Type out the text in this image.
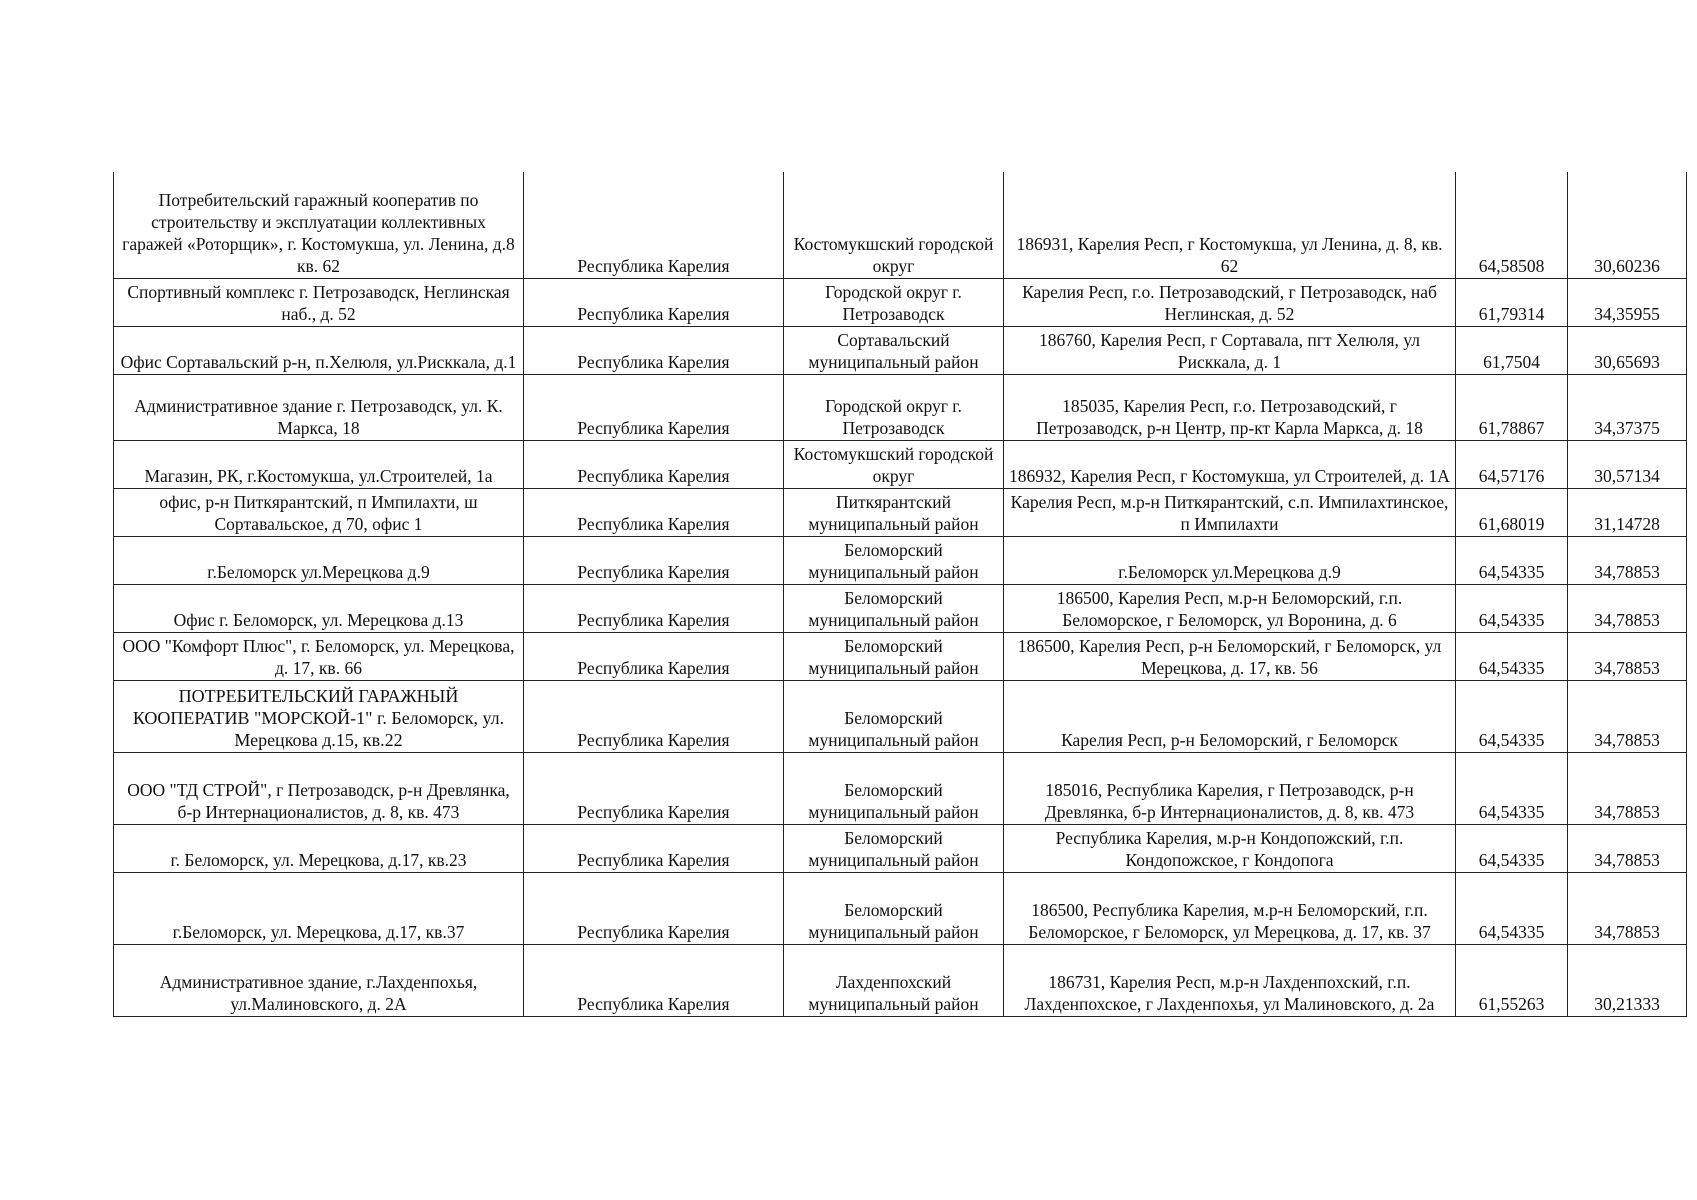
Потребительский гаражный кооператив по строительству и эксплуатации коллективных гаражей «Роторщик», г. Костомукша, ул. Ленина, д.8 кв. 62	Республика Карелия	Костомукшский городской округ	186931, Карелия Респ, г Костомукша, ул Ленина, д. 8, кв. 62	64,58508	30,60236
Спортивный комплекс г. Петрозаводск, Неглинская наб., д. 52	Республика Карелия	Городской округ г. Петрозаводск	Карелия Респ, г.о. Петрозаводский, г Петрозаводск, наб Неглинская, д. 52	61,79314	34,35955
Офис Сортавальский р-н, п.Хелюля, ул.Рисккала, д.1	Республика Карелия	Сортавальский муниципальный район	186760, Карелия Респ, г Сортавала, пгт Хелюля, ул Рисккала, д. 1	61,7504	30,65693
Административное здание г. Петрозаводск, ул. К. Маркса, 18	Республика Карелия	Городской округ г. Петрозаводск	185035, Карелия Респ, г.о. Петрозаводский, г Петрозаводск, р-н Центр, пр-кт Карла Маркса, д. 18	61,78867	34,37375
Магазин, РК, г.Костомукша, ул.Строителей, 1а	Республика Карелия	Костомукшский городской округ	186932, Карелия Респ, г Костомукша, ул Строителей, д. 1А	64,57176	30,57134
офис, р-н Питкярантский, п Импилахти, ш Сортавальское, д 70, офис 1	Республика Карелия	Питкярантский муниципальный район	Карелия Респ, м.р-н Питкярантский, с.п. Импилахтинское, п Импилахти	61,68019	31,14728
г.Беломорск ул.Мерецкова д.9	Республика Карелия	Беломорский муниципальный район	г.Беломорск ул.Мерецкова д.9	64,54335	34,78853
Офис г. Беломорск, ул. Мерецкова д.13	Республика Карелия	Беломорский муниципальный район	186500, Карелия Респ, м.р-н Беломорский, г.п. Беломорское, г Беломорск, ул Воронина, д. 6	64,54335	34,78853
ООО "Комфорт Плюс", г. Беломорск, ул. Мерецкова, д. 17, кв. 66	Республика Карелия	Беломорский муниципальный район	186500, Карелия Респ, р-н Беломорский, г Беломорск, ул Мерецкова, д. 17, кв. 56	64,54335	34,78853
ПОТРЕБИТЕЛЬСКИЙ ГАРАЖНЫЙ КООПЕРАТИВ "МОРСКОЙ-1" г. Беломорск, ул. Мерецкова д.15, кв.22	Республика Карелия	Беломорский муниципальный район	Карелия Респ, р-н Беломорский, г Беломорск	64,54335	34,78853
ООО "ТД СТРОЙ", г Петрозаводск, р-н Древлянка, б-р Интернационалистов, д. 8, кв. 473	Республика Карелия	Беломорский муниципальный район	185016, Республика Карелия, г Петрозаводск, р-н Древлянка, б-р Интернационалистов, д. 8, кв. 473	64,54335	34,78853
г. Беломорск, ул. Мерецкова, д.17, кв.23	Республика Карелия	Беломорский муниципальный район	Республика Карелия, м.р-н Кондопожский, г.п. Кондопожское, г Кондопога	64,54335	34,78853
г.Беломорск, ул. Мерецкова, д.17, кв.37	Республика Карелия	Беломорский муниципальный район	186500, Республика Карелия, м.р-н Беломорский, г.п. Беломорское, г Беломорск, ул Мерецкова, д. 17, кв. 37	64,54335	34,78853
Административное здание, г.Лахденпохья, ул.Малиновского, д. 2А	Республика Карелия	Лахденпохский муниципальный район	186731, Карелия Респ, м.р-н Лахденпохский, г.п. Лахденпохское, г Лахденпохья, ул Малиновского, д. 2а	61,55263	30,21333
